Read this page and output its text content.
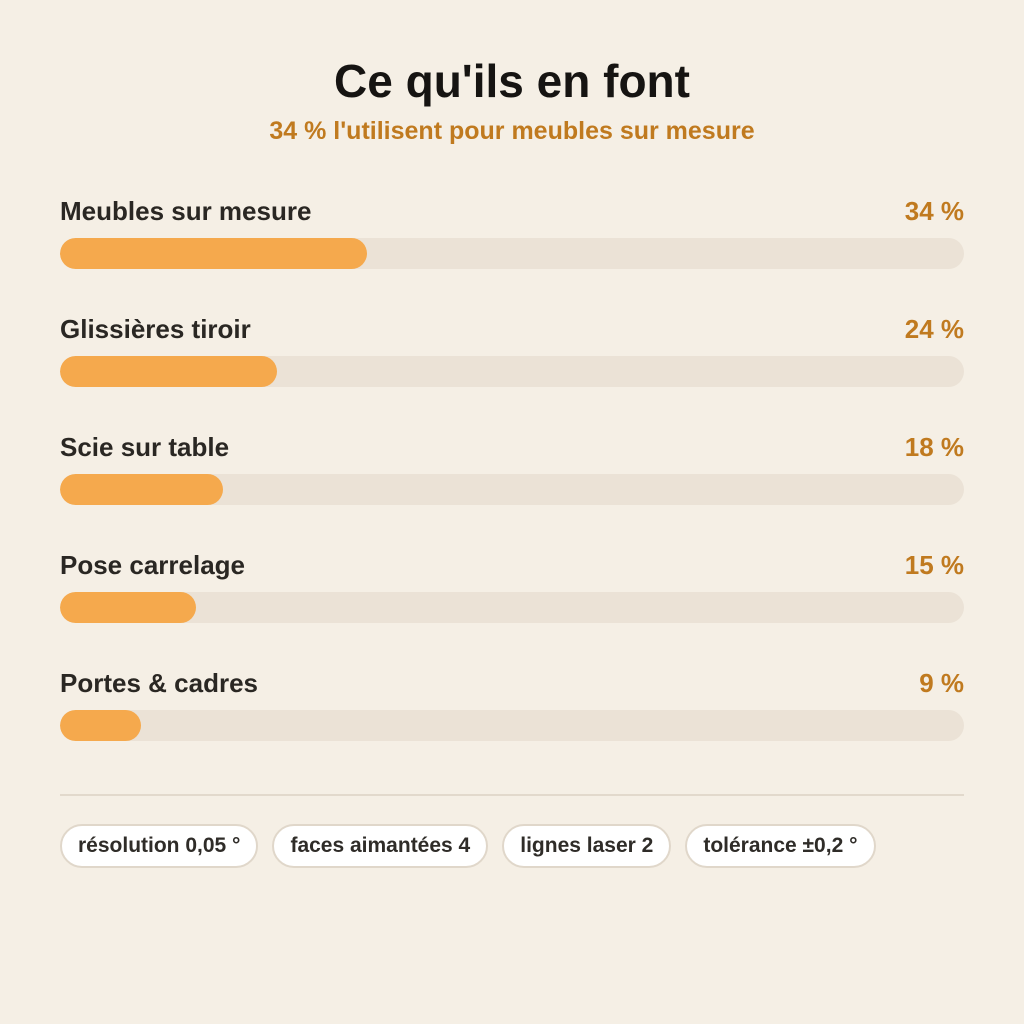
Ce qu'ils en font
34 % l'utilisent pour meubles sur mesure
Meubles sur mesure	34 %
Glissières tiroir	24 %
Scie sur table	18 %
Pose carrelage	15 %
Portes & cadres	9 %
résolution 0,05 °	faces aimantées 4	lignes laser 2	tolérance ±0,2 °
